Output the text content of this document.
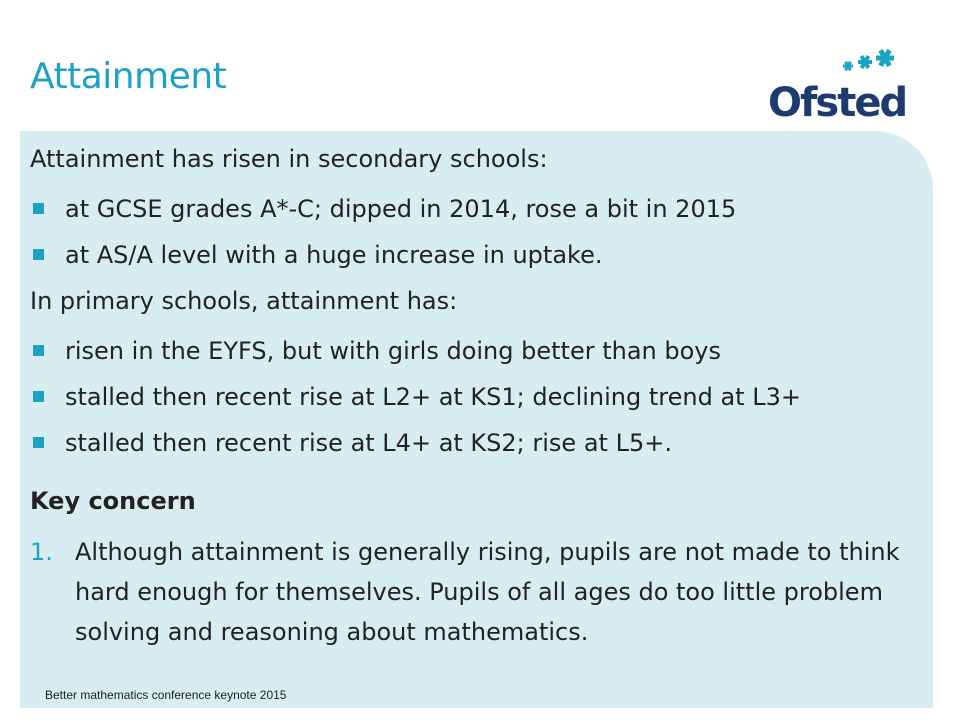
Attainment
Ofsted

Attainment has risen in secondary schools:

at GCSE grades A*-C; dipped in 2014, rose a bit in 2015
at AS/A level with a huge increase in uptake.

In primary schools, attainment has:

risen in the EYFS, but with girls doing better than boys
stalled then recent rise at L2+ at KS1; declining trend at L3+
stalled then recent rise at L4+ at KS2; rise at L5+.
Key concern
1. Although attainment is generally rising, pupils are not made to think hard enough for themselves. Pupils of all ages do too little problem solving and reasoning about mathematics.
Better mathematics conference keynote 2015
